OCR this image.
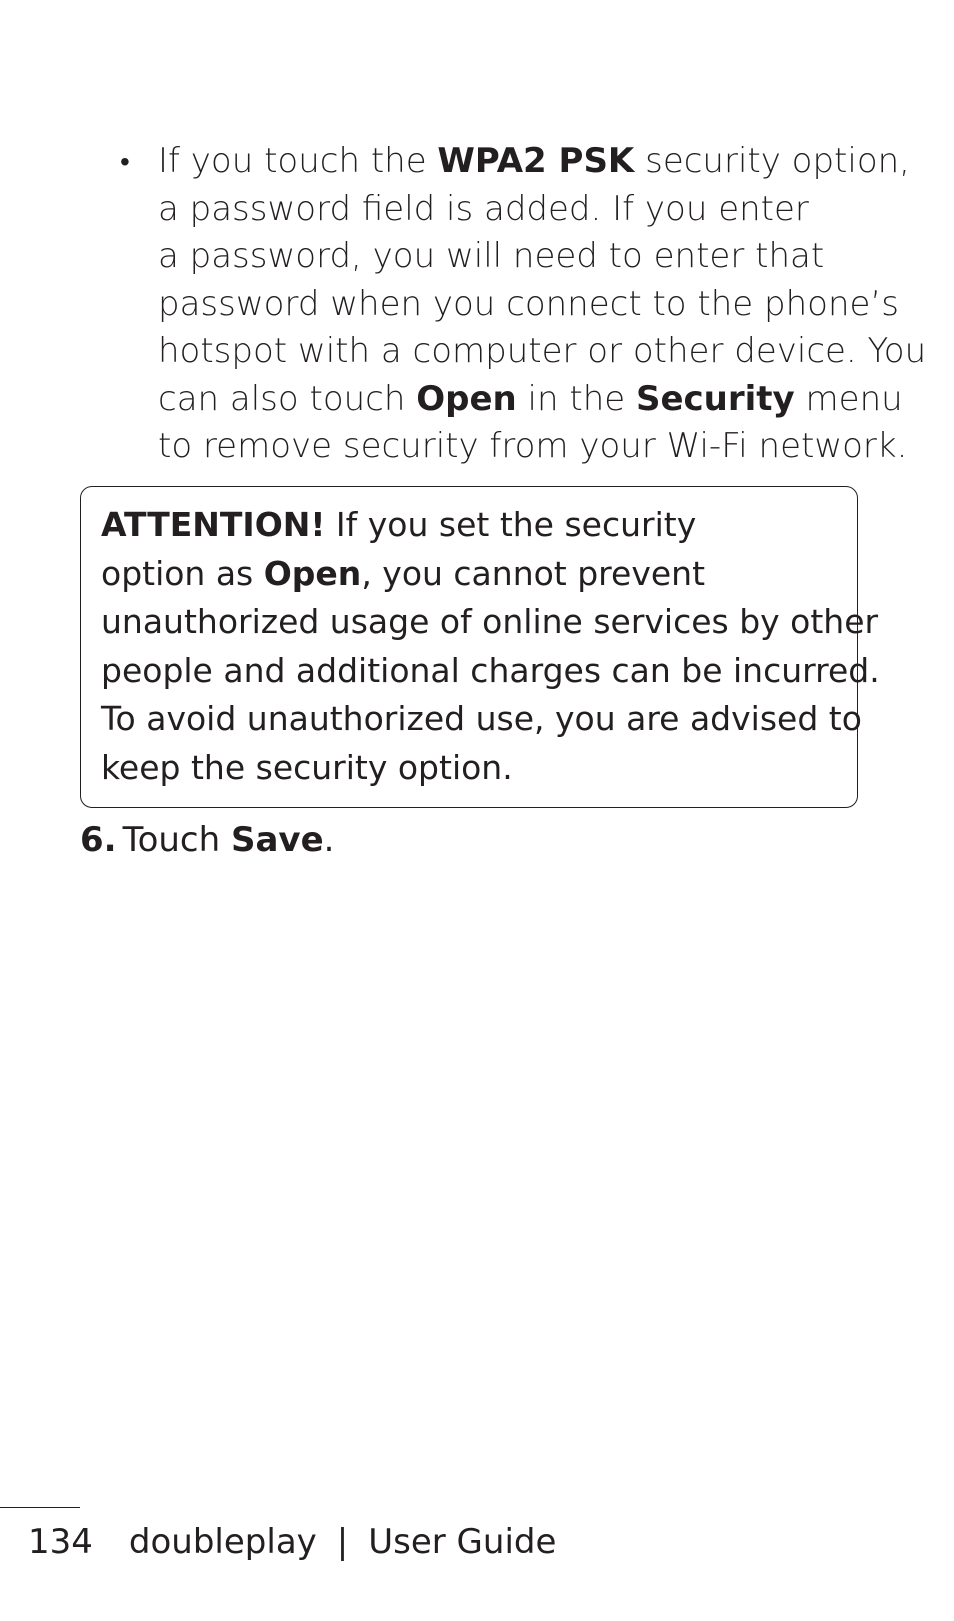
• If you touch the WPA2 PSK security option,
a password field is added. If you enter
a password, you will need to enter that
password when you connect to the phone’s
hotspot with a computer or other device. You
can also touch Open in the Security menu
to remove security from your Wi-Fi network.
ATTENTION! If you set the security
option as Open, you cannot prevent
unauthorized usage of online services by other
people and additional charges can be incurred.
To avoid unauthorized use, you are advised to
keep the security option.
6. Touch Save.
134 doubleplay | User Guide
